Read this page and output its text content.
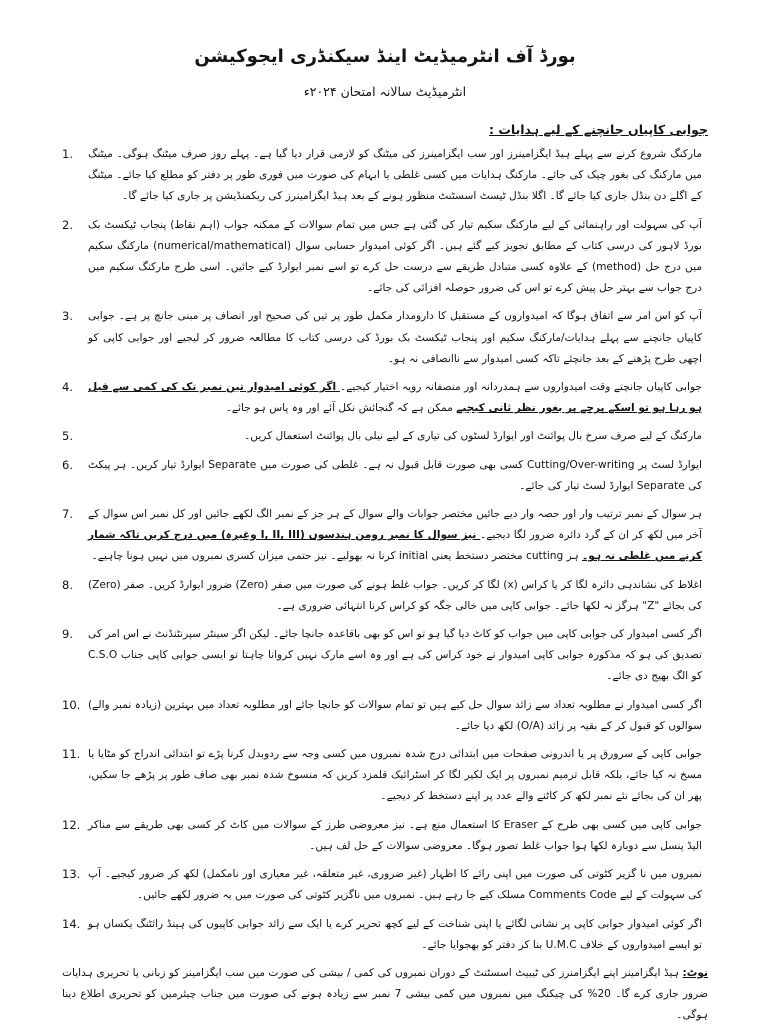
بورڈ آف انٹرمیڈیٹ اینڈ سیکنڈری ایجوکیشن

انٹرمیڈیٹ سالانہ امتحان ۲۰۲۴ء

جوابی کاپیاں جانچنے کے لیے ہدایات :

1.	مارکنگ شروع کرنے سے پہلے ہیڈ ایگزامینرز اور سب ایگزامینرز کی میٹنگ کو لازمی قرار دیا گیا ہے۔ پہلے روز صرف میٹنگ ہوگی۔ میٹنگ میں مارکنگ کی بغور چیک کی جائے۔ مارکنگ ہدایات میں کسی غلطی یا ابہام کی صورت میں فوری طور پر دفتر کو مطلع کیا جائے۔ میٹنگ کے اگلے دن بنڈل جاری کیا جائے گا۔ اگلا بنڈل ٹیسٹ اسسٹنٹ منظور ہونے کے بعد ہیڈ ایگزامینرز کی ریکمنڈیشن پر جاری کیا جائے گا۔
2.	آپ کی سہولت اور راہنمائی کے لیے مارکنگ سکیم تیار کی گئی ہے جس میں تمام سوالات کے ممکنہ جواب (اہم نقاط) پنجاب ٹیکسٹ بک بورڈ لاہور کی درسی کتاب کے مطابق تجویز کیے گئے ہیں۔ اگر کوئی امیدوار حسابی سوال (numerical/mathematical) مارکنگ سکیم میں درج حل (method) کے علاوہ کسی متبادل طریقے سے درست حل کرے تو اسے نمبر ایوارڈ کیے جائیں۔ اسی طرح مارکنگ سکیم میں درج جواب سے بہتر حل پیش کرے تو اس کی ضرور حوصلہ افزائی کی جائے۔
3.	آپ کو اس امر سے اتفاق ہوگا کہ امیدواروں کے مستقبل کا دارومدار مکمل طور پر تیں کی صحیح اور انصاف پر مبنی جانچ پر ہے۔ جوابی کاپیاں جانچنے سے پہلے ہدایات/مارکنگ سکیم اور پنجاب ٹیکسٹ بک بورڈ کی درسی کتاب کا مطالعہ ضرور کر لیجیے اور جوابی کاپی کو اچھی طرح پڑھنے کے بعد جانچئے تاکہ کسی امیدوار سے ناانصافی نہ ہو۔
4.	جوابی کاپیاں جانچتے وقت امیدواروں سے ہمدردانہ اور منصفانہ رویہ اختیار کیجیے۔ اگر کوئی امیدوار تین نمبر تک کی کمی سے فیل ہو رہا ہو تو اسکے پرچے پر بغور نظر ثانی کیجیے ممکن ہے کہ گنجائش نکل آئے اور وہ پاس ہو جائے۔
5.	مارکنگ کے لیے صرف سرخ بال پوائنٹ اور ایوارڈ لسٹوں کی تیاری کے لیے نیلی بال پوائنٹ استعمال کریں۔
6.	ایوارڈ لسٹ پر Cutting/Over-writing کسی بھی صورت قابل قبول نہ ہے۔ غلطی کی صورت میں Separate ایوارڈ تیار کریں۔ ہر پیکٹ کی Separate ایوارڈ لسٹ تیار کی جائے۔
7.	ہر سوال کے نمبر ترتیب وار اور حصہ وار دیے جائیں مختصر جوابات والے سوال کے ہر جز کے نمبر الگ لکھے جائیں اور کل نمبر اس سوال کے آخر میں لکھ کر ان کے گرد دائرہ ضرور لگا دیجیے۔ نیز سوال کا نمبر رومن ہندسوں (I, II, III وغیرہ) میں درج کریں تاکہ شمار کرنے میں غلطی نہ ہو۔ ہر cutting مختصر دستخط یعنی initial کرنا نہ بھولیے۔ نیز حتمی میزان کسری نمبروں میں نہیں ہونا چاہیے۔
8.	اغلاط کی نشاندہی دائرہ لگا کر یا کراس (x) لگا کر کریں۔ جواب غلط ہونے کی صورت میں صفر (Zero) ضرور ایوارڈ کریں۔ صفر (Zero) کی بجائے "Z" ہرگز نہ لکھا جائے۔ جوابی کاپی میں خالی جگہ کو کراس کرنا انتہائی ضروری ہے۔
9.	اگر کسی امیدوار کی جوابی کاپی میں جواب کو کاٹ دیا گیا ہو تو اس کو بھی باقاعدہ جانچا جائے۔ لیکن اگر سینٹر سپرنٹنڈنٹ نے اس امر کی تصدیق کی ہو کہ مذکورہ جوابی کاپی امیدوار نے خود کراس کی ہے اور وہ اسے مارک نہیں کروانا چاہتا تو ایسی جوابی کاپی جناب C.S.O کو الگ بھیج دی جائے۔
10. اگر کسی امیدوار نے مطلوبہ تعداد سے زائد سوال حل کیے ہیں تو تمام سوالات کو جانچا جائے اور مطلوبہ تعداد میں بہترین (زیادہ نمبر والے) سوالوں کو قبول کر کے بقیہ پر زائد (O/A) لکھ دیا جائے۔
11. جوابی کاپی کے سرورق پر یا اندرونی صفحات میں ابتدائی درج شدہ نمبروں میں کسی وجہ سے ردوبدل کرنا پڑے تو ابتدائی اندراج کو مٹایا یا مسخ نہ کیا جائے، بلکہ قابل ترمیم نمبروں پر ایک لکیر لگا کر اسٹرائیک قلمزد کریں کہ منسوخ شدہ نمبر بھی صاف طور پر پڑھے جا سکیں، پھر ان کی بجائے نئے نمبر لکھ کر کاٹنے والے عدد پر اپنے دستخط کر دیجیے۔
12. جوابی کاپی میں کسی بھی طرح کے Eraser کا استعمال منع ہے۔ نیز معروضی طرز کے سوالات میں کاٹ کر کسی بھی طریقے سے مناکر الیڈ پنسل سے دوبارہ لکھا ہوا جواب غلط تصور ہوگا۔ معروضی سوالات کے حل لف ہیں۔
13. نمبروں میں نا گزیر کٹوتی کی صورت میں اپنی رائے کا اظہار (غیر ضروری، غیر متعلقہ، غیر معیاری اور نامکمل) لکھ کر ضرور کیجیے۔ آپ کی سہولت کے لیے Comments Code مسلک کیے جا رہے ہیں۔ نمبروں میں ناگزیر کٹوتی کی صورت میں یہ ضرور لکھے جائیں۔
14. اگر کوئی امیدوار جوابی کاپی پر نشانی لگائے یا اپنی شناخت کے لیے کچھ تحریر کرے یا ایک سے زائد جوابی کاپیوں کی ہینڈ رائٹنگ یکساں ہو تو ایسے امیدواروں کے خلاف U.M.C بنا کر دفتر کو بھجوایا جائے۔

نوٹ: ہیڈ ایگزامینر اپنے ایگزامنرز کی ٹیبیٹ اسسٹنٹ کے دوران نمبروں کی کمی / بیشی کی صورت میں سب ایگزامینر کو زبانی یا تحریری ہدایات ضرور جاری کرے گا۔ 20% کی چیکنگ میں نمبروں میں کمی بیشی 7 نمبر سے زیادہ ہونے کی صورت میں جناب چیئرمین کو تحریری اطلاع دینا ہوگی۔
